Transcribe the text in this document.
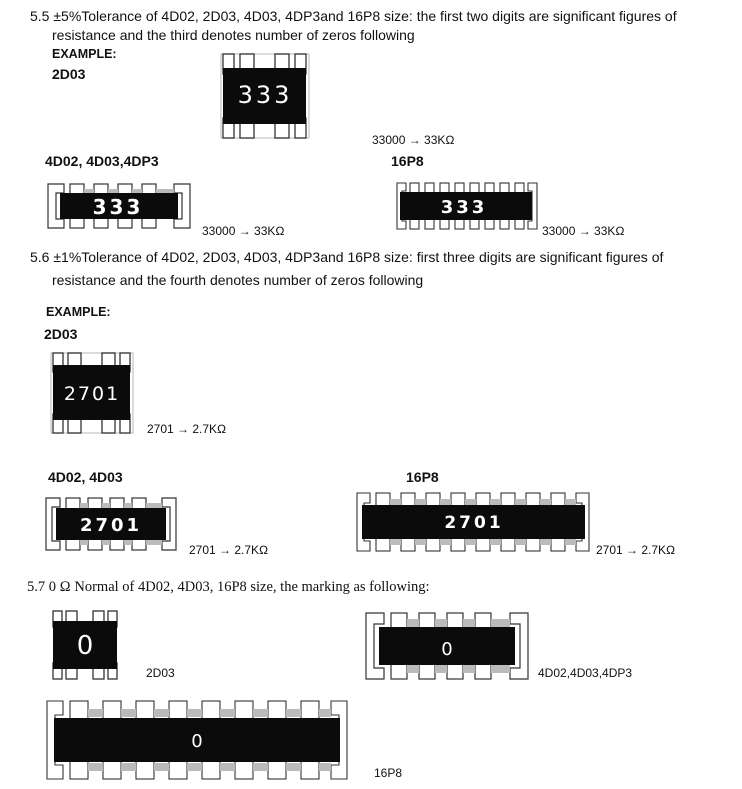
5.5 ±5%Tolerance of 4D02, 2D03, 4D03, 4DP3and 16P8 size: the first two digits are significant figures of
resistance and the third denotes number of zeros following
EXAMPLE:
2D03
333
33000 → 33KΩ
4D02, 4D03,4DP3	16P8
333
33000 → 33KΩ
333
33000 → 33KΩ
5.6 ±1%Tolerance of 4D02, 2D03, 4D03, 4DP3and 16P8 size: first three digits are significant figures of
resistance and the fourth denotes number of zeros following
EXAMPLE:
2D03
2701
2701 → 2.7KΩ
4D02, 4D03	16P8
2701
2701 → 2.7KΩ
2701
2701 → 2.7KΩ
5.7 0 Ω Normal of 4D02, 4D03, 16P8 size, the marking as following:
0
2D03
0
4D02,4D03,4DP3
0
16P8
